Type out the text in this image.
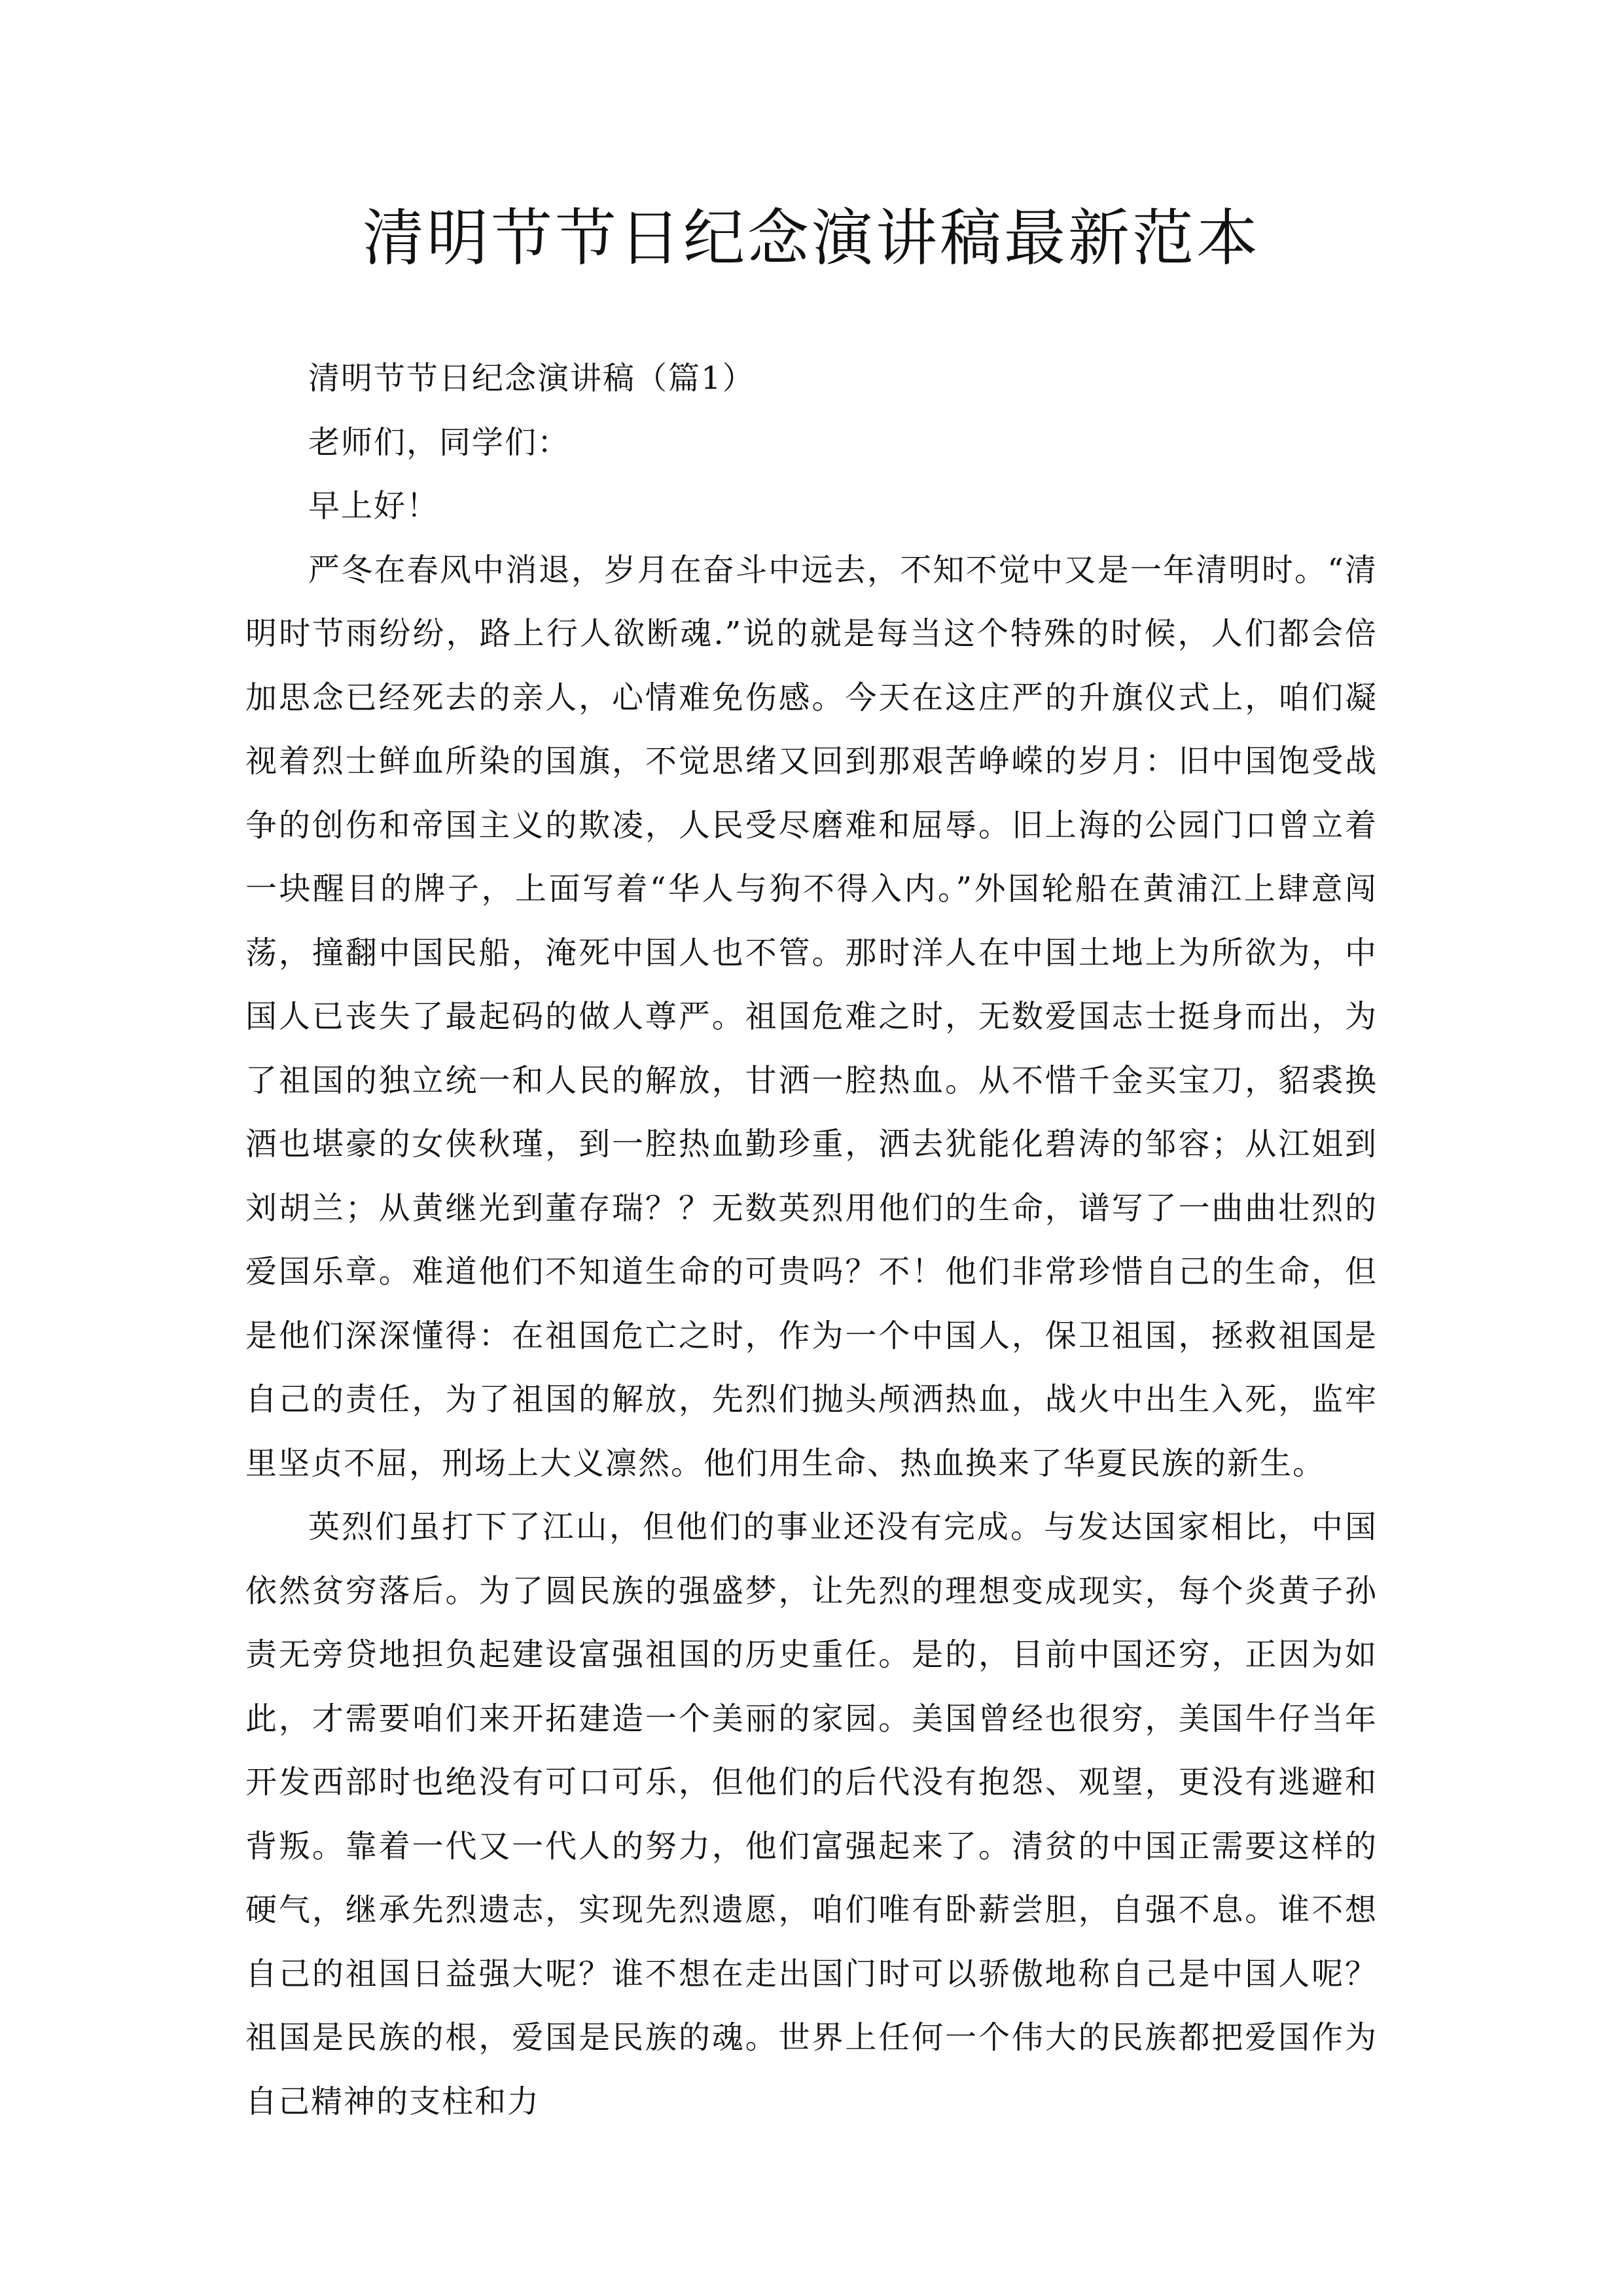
清明节节日纪念演讲稿最新范本

清明节节日纪念演讲稿（篇1）

老师们，同学们：

早上好！

严冬在春风中消退，岁月在奋斗中远去，不知不觉中又是一年清明时。“清明时节雨纷纷，路上行人欲断魂.”说的就是每当这个特殊的时候，人们都会倍加思念已经死去的亲人，心情难免伤感。今天在这庄严的升旗仪式上，咱们凝视着烈士鲜血所染的国旗，不觉思绪又回到那艰苦峥嵘的岁月：旧中国饱受战争的创伤和帝国主义的欺凌，人民受尽磨难和屈辱。旧上海的公园门口曾立着一块醒目的牌子，上面写着“华人与狗不得入内。”外国轮船在黄浦江上肆意闯荡，撞翻中国民船，淹死中国人也不管。那时洋人在中国土地上为所欲为，中国人已丧失了最起码的做人尊严。祖国危难之时，无数爱国志士挺身而出，为了祖国的独立统一和人民的解放，甘洒一腔热血。从不惜千金买宝刀，貂裘换酒也堪豪的女侠秋瑾，到一腔热血勤珍重，洒去犹能化碧涛的邹容；从江姐到刘胡兰；从黄继光到董存瑞？？无数英烈用他们的生命，谱写了一曲曲壮烈的爱国乐章。难道他们不知道生命的可贵吗？不！他们非常珍惜自己的生命，但是他们深深懂得：在祖国危亡之时，作为一个中国人，保卫祖国，拯救祖国是自己的责任，为了祖国的解放，先烈们抛头颅洒热血，战火中出生入死，监牢里坚贞不屈，刑场上大义凛然。他们用生命、热血换来了华夏民族的新生。

英烈们虽打下了江山，但他们的事业还没有完成。与发达国家相比，中国依然贫穷落后。为了圆民族的强盛梦，让先烈的理想变成现实，每个炎黄子孙责无旁贷地担负起建设富强祖国的历史重任。是的，目前中国还穷，正因为如此，才需要咱们来开拓建造一个美丽的家园。美国曾经也很穷，美国牛仔当年开发西部时也绝没有可口可乐，但他们的后代没有抱怨、观望，更没有逃避和背叛。靠着一代又一代人的努力，他们富强起来了。清贫的中国正需要这样的硬气，继承先烈遗志，实现先烈遗愿，咱们唯有卧薪尝胆，自强不息。谁不想自己的祖国日益强大呢？谁不想在走出国门时可以骄傲地称自己是中国人呢？祖国是民族的根，爱国是民族的魂。世界上任何一个伟大的民族都把爱国作为自己精神的支柱和力
